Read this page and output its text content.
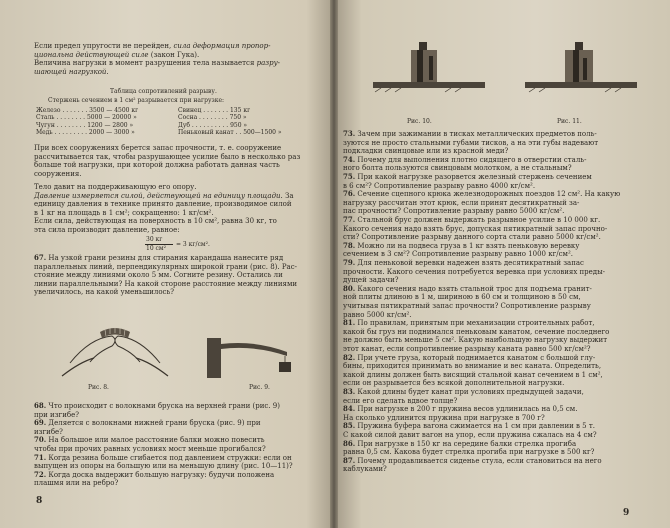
Если предел упругости не перейден, сила деформация пропор-
циональна действующей силе (закон Гука).
Величина нагрузки в момент разрушения тела называется разру-
шающей нагрузкой.
Таблица сопротивлений разрыву.
Стержень сечением в 1 см² разрывается при нагрузке:
Железо . . . . . . . 3500 — 4500 кг	Свинец . . . . . . . 135 кг
Сталь . . . . . . . . 5000 — 20000 »	Сосна . . . . . . . . 750 »
Чугун . . . . . . . . 1200 — 2800 »	Дуб . . . . . . . . . . 950 »
Медь . . . . . . . . . 2000 — 3000 »	Пеньковый канат . . 500—1500 »
При всех сооружениях берется запас прочности, т. е. сооружение
рассчитывается так, чтобы разрушающее усилие было в несколько раз
больше той нагрузки, при которой должна работать данная часть
сооружения.
Тело давит на поддерживающую его опору.
Давление измеряется силой, действующей на единицу площади. За
единицу давления в технике принято давление, производимое силой
в 1 кг на площадь в 1 см²; сокращенно: 1 кг/см².
Если сила, действующая на поверхность в 10 см², равна 30 кг, то
эта сила производит давление, равное:
30 кг
10 см²
= 3 кг/см².
67. На узкой грани резины для стирания карандаша нанесите ряд
параллельных линий, перпендикулярных широкой грани (рис. 8). Рас-
стояние между линиями около 5 мм. Согните резину. Остались ли
линии параллельными? На какой стороне расстояние между линиями
увеличилось, на какой уменьшилось?
Рис. 8.	Рис. 9.
68. Что происходит с волокнами бруска на верхней грани (рис. 9)
при изгибе?
69. Деляется с волокнами нижней грани бруска (рис. 9) при
изгибе?
70. На большое или малое расстояние балки можно повесить
чтобы при прочих равных условиях мост меньше прогибался?
71. Когда резина больше сгибается под давлением стружки: если он
выпущен из опоры на большую или на меньшую длину (рис. 10—11)?
72. Когда доска выдержит большую нагрузку: будучи положена
плашмя или на ребро?
8
Рис. 10.	Рис. 11.
73. Зачем при зажимании в тисках металлических предметов поль-
зуются не просто стальными губами тисков, а на эти губы надевают
подкладки свинцовые или из красной меди?
74. Почему для выполнения плотно сидящего в отверстии сталь-
ного болта пользуются свинцовым молотком, а не стальным?
75. При какой нагрузке разорвется железный стержень сечением
в 6 см²? Сопротивление разрыву равно 4000 кг/см².
76. Сечение сцепного крюка железнодорожных поездов 12 см². На какую
нагрузку рассчитан этот крюк, если принят десятикратный за-
пас прочности? Сопротивление разрыву равно 5000 кг/см².
77. Стальной брус должен выдержать разрывное усилие в 10 000 кг.
Какого сечения надо взять брус, допуская пятикратный запас прочно-
сти? Сопротивление разрыву данного сорта стали равно 5000 кг/см².
78. Можно ли на подвеса груза в 1 кг взять пеньковую веревку
сечением в 3 см²? Сопротивление разрыву равно 1000 кг/см².
79. Для пеньковой веревки надежен взять десятикратный запас
прочности. Какого сечения потребуется веревка при условиях преды-
дущей задачи?
80. Какого сечения надо взять стальной трос для подъема гранит-
ной плиты длиною в 1 м, шириною в 60 см и толщиною в 50 см,
учитывая пятикратный запас прочности? Сопротивление разрыву
равно 5000 кг/см².
81. По правилам, принятым при механизации строительных работ,
какой бы груз ни поднимался пеньковым канатом, сечение последнего
не должно быть меньше 5 см². Какую наибольшую нагрузку выдержит
этот канат, если сопротивление разрыву каната равно 500 кг/см²?
82. При учете груза, который поднимается канатом с большой глу-
бины, приходится принимать во внимание и вес каната. Определить,
какой длины должен быть висящий стальной канат сечением в 1 см²,
если он разрывается без всякой дополнительной нагрузки.
83. Какой длины будет канат при условиях предыдущей задачи,
если его сделать вдвое толще?
84. При нагрузке в 200 г пружина весов удлинилась на 0,5 см.
На сколько удлинится пружина при нагрузке в 700 г?
85. Пружина буфера вагона сжимается на 1 см при давлении в 5 т.
С какой силой давит вагон на упор, если пружина сжалась на 4 см?
86. При нагрузке в 150 кг на середине балки стрелка прогиба
равна 0,5 см. Какова будет стрелка прогиба при нагрузке в 500 кг?
87. Почему продавливается сиденье стула, если становиться на него
каблуками?
9
